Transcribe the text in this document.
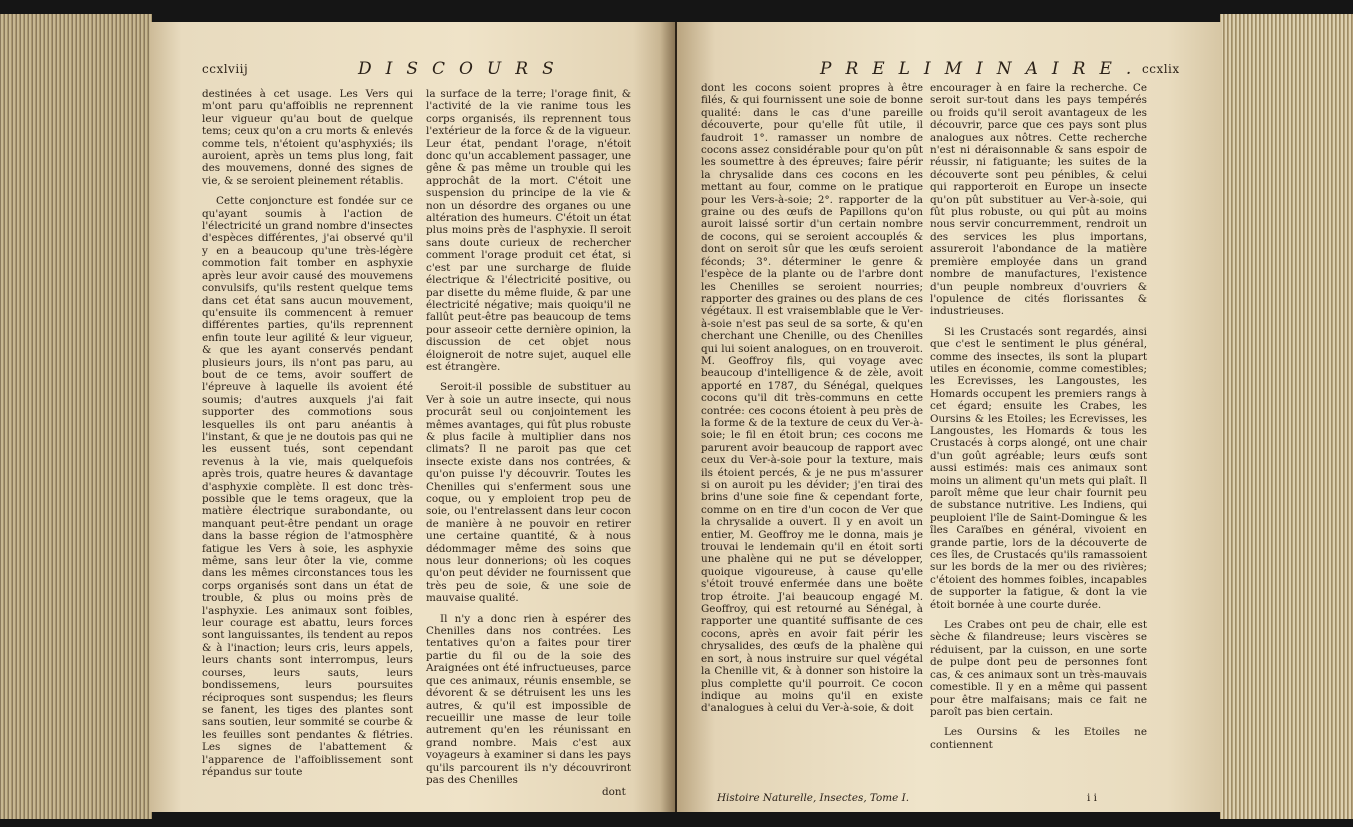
ccxlviij	DISCOURS

destinées à cet usage. Les Vers qui m'ont paru qu'affoiblis ne reprennent leur vigueur qu'au bout de quelque tems; ceux qu'on a cru morts & enlevés comme tels, n'étoient qu'asphyxiés; ils auroient, après un tems plus long, fait des mouvemens, donné des signes de vie, & se seroient pleinement rétablis.

Cette conjoncture est fondée sur ce qu'ayant soumis à l'action de l'électricité un grand nombre d'insectes d'espèces différentes, j'ai observé qu'il y en a beaucoup qu'une très-légère commotion fait tomber en asphyxie après leur avoir causé des mouvemens convulsifs, qu'ils restent quelque tems dans cet état sans aucun mouvement, qu'ensuite ils commencent à remuer différentes parties, qu'ils reprennent enfin toute leur agilité & leur vigueur, & que les ayant conservés pendant plusieurs jours, ils n'ont pas paru, au bout de ce tems, avoir souffert de l'épreuve à laquelle ils avoient été soumis; d'autres auxquels j'ai fait supporter des commotions sous lesquelles ils ont paru anéantis à l'instant, & que je ne doutois pas qui ne les eussent tués, sont cependant revenus à la vie, mais quelquefois après trois, quatre heures & davantage d'asphyxie complète. Il est donc très-possible que le tems orageux, que la matière électrique surabondante, ou manquant peut-être pendant un orage dans la basse région de l'atmosphère fatigue les Vers à soie, les asphyxie même, sans leur ôter la vie, comme dans les mêmes circonstances tous les corps organisés sont dans un état de trouble, & plus ou moins près de l'asphyxie. Les animaux sont foibles, leur courage est abattu, leurs forces sont languissantes, ils tendent au repos & à l'inaction; leurs cris, leurs appels, leurs chants sont interrompus, leurs courses, leurs sauts, leurs bondissemens, leurs poursuites réciproques sont suspendus; les fleurs se fanent, les tiges des plantes sont sans soutien, leur sommité se courbe & les feuilles sont pendantes & flétries. Les signes de l'abattement & l'apparence de l'affoiblissement sont répandus sur toute

la surface de la terre; l'orage finit, & l'activité de la vie ranime tous les corps organisés, ils reprennent tous l'extérieur de la force & de la vigueur. Leur état, pendant l'orage, n'étoit donc qu'un accablement passager, une gêne & pas même un trouble qui les approchât de la mort. C'étoit une suspension du principe de la vie & non un désordre des organes ou une altération des humeurs. C'étoit un état plus moins près de l'asphyxie. Il seroit sans doute curieux de rechercher comment l'orage produit cet état, si c'est par une surcharge de fluide électrique & l'électricité positive, ou par disette du même fluide, & par une électricité négative; mais quoiqu'il ne fallût peut-être pas beaucoup de tems pour asseoir cette dernière opinion, la discussion de cet objet nous éloigneroit de notre sujet, auquel elle est étrangère.

Seroit-il possible de substituer au Ver à soie un autre insecte, qui nous procurât seul ou conjointement les mêmes avantages, qui fût plus robuste & plus facile à multiplier dans nos climats? Il ne paroit pas que cet insecte existe dans nos contrées, & qu'on puisse l'y découvrir. Toutes les Chenilles qui s'enferment sous une coque, ou y emploient trop peu de soie, ou l'entrelassent dans leur cocon de manière à ne pouvoir en retirer une certaine quantité, & à nous dédommager même des soins que nous leur donnerions; où les coques qu'on peut dévider ne fournissent que très peu de soie, & une soie de mauvaise qualité.

Il n'y a donc rien à espérer des Chenilles dans nos contrées. Les tentatives qu'on a faites pour tirer partie du fil ou de la soie des Araignées ont été infructueuses, parce que ces animaux, réunis ensemble, se dévorent & se détruisent les uns les autres, & qu'il est impossible de recueillir une masse de leur toile autrement qu'en les réunissant en grand nombre. Mais c'est aux voyageurs à examiner si dans les pays qu'ils parcourent ils n'y découvriront pas des Chenilles

dont
PRELIMINAIRE.
ccxlix

dont les cocons soient propres à être filés, & qui fournissent une soie de bonne qualité: dans le cas d'une pareille découverte, pour qu'elle fût utile, il faudroit 1°. ramasser un nombre de cocons assez considérable pour qu'on pût les soumettre à des épreuves; faire périr la chrysalide dans ces cocons en les mettant au four, comme on le pratique pour les Vers-à-soie; 2°. rapporter de la graine ou des œufs de Papillons qu'on auroit laissé sortir d'un certain nombre de cocons, qui se seroient accouplés & dont on seroit sûr que les œufs seroient féconds; 3°. déterminer le genre & l'espèce de la plante ou de l'arbre dont les Chenilles se seroient nourries; rapporter des graines ou des plans de ces végétaux. Il est vraisemblable que le Ver-à-soie n'est pas seul de sa sorte, & qu'en cherchant une Chenille, ou des Chenilles qui lui soient analogues, on en trouveroit. M. Geoffroy fils, qui voyage avec beaucoup d'intelligence & de zèle, avoit apporté en 1787, du Sénégal, quelques cocons qu'il dit très-communs en cette contrée: ces cocons étoient à peu près de la forme & de la texture de ceux du Ver-à-soie; le fil en étoit brun; ces cocons me parurent avoir beaucoup de rapport avec ceux du Ver-à-soie pour la texture, mais ils étoient percés, & je ne pus m'assurer si on auroit pu les dévider; j'en tirai des brins d'une soie fine & cependant forte, comme on en tire d'un cocon de Ver que la chrysalide a ouvert. Il y en avoit un entier, M. Geoffroy me le donna, mais je trouvai le lendemain qu'il en étoit sorti une phalène qui ne put se développer, quoique vigoureuse, à cause qu'elle s'étoit trouvé enfermée dans une boëte trop étroite. J'ai beaucoup engagé M. Geoffroy, qui est retourné au Sénégal, à rapporter une quantité suffisante de ces cocons, après en avoir fait périr les chrysalides, des œufs de la phalène qui en sort, à nous instruire sur quel végétal la Chenille vit, & à donner son histoire la plus complette qu'il pourroit. Ce cocon indique au moins qu'il en existe d'analogues à celui du Ver-à-soie, & doit

encourager à en faire la recherche. Ce seroit sur-tout dans les pays tempérés ou froids qu'il seroit avantageux de les découvrir, parce que ces pays sont plus analogues aux nôtres. Cette recherche n'est ni déraisonnable & sans espoir de réussir, ni fatiguante; les suites de la découverte sont peu pénibles, & celui qui rapporteroit en Europe un insecte qu'on pût substituer au Ver-à-soie, qui fût plus robuste, ou qui pût au moins nous servir concurremment, rendroit un des services les plus importans, assureroit l'abondance de la matière première employée dans un grand nombre de manufactures, l'existence d'un peuple nombreux d'ouvriers & l'opulence de cités florissantes & industrieuses.

Si les Crustacés sont regardés, ainsi que c'est le sentiment le plus général, comme des insectes, ils sont la plupart utiles en économie, comme comestibles; les Ecrevisses, les Langoustes, les Homards occupent les premiers rangs à cet égard; ensuite les Crabes, les Oursins & les Etoiles; les Ecrevisses, les Langoustes, les Homards & tous les Crustacés à corps alongé, ont une chair d'un goût agréable; leurs œufs sont aussi estimés: mais ces animaux sont moins un aliment qu'un mets qui plaît. Il paroît même que leur chair fournit peu de substance nutritive. Les Indiens, qui peuploient l'île de Saint-Domingue & les îles Caraïbes en général, vivoient en grande partie, lors de la découverte de ces îles, de Crustacés qu'ils ramassoient sur les bords de la mer ou des rivières; c'étoient des hommes foibles, incapables de supporter la fatigue, & dont la vie étoit bornée à une courte durée.

Les Crabes ont peu de chair, elle est sèche & filandreuse; leurs viscères se réduisent, par la cuisson, en une sorte de pulpe dont peu de personnes font cas, & ces animaux sont un très-mauvais comestible. Il y en a même qui passent pour être malfaisans; mais ce fait ne paroît pas bien certain.

Les Oursins & les Etoiles ne contiennent

Histoire Naturelle, Insectes, Tome I.	i i
